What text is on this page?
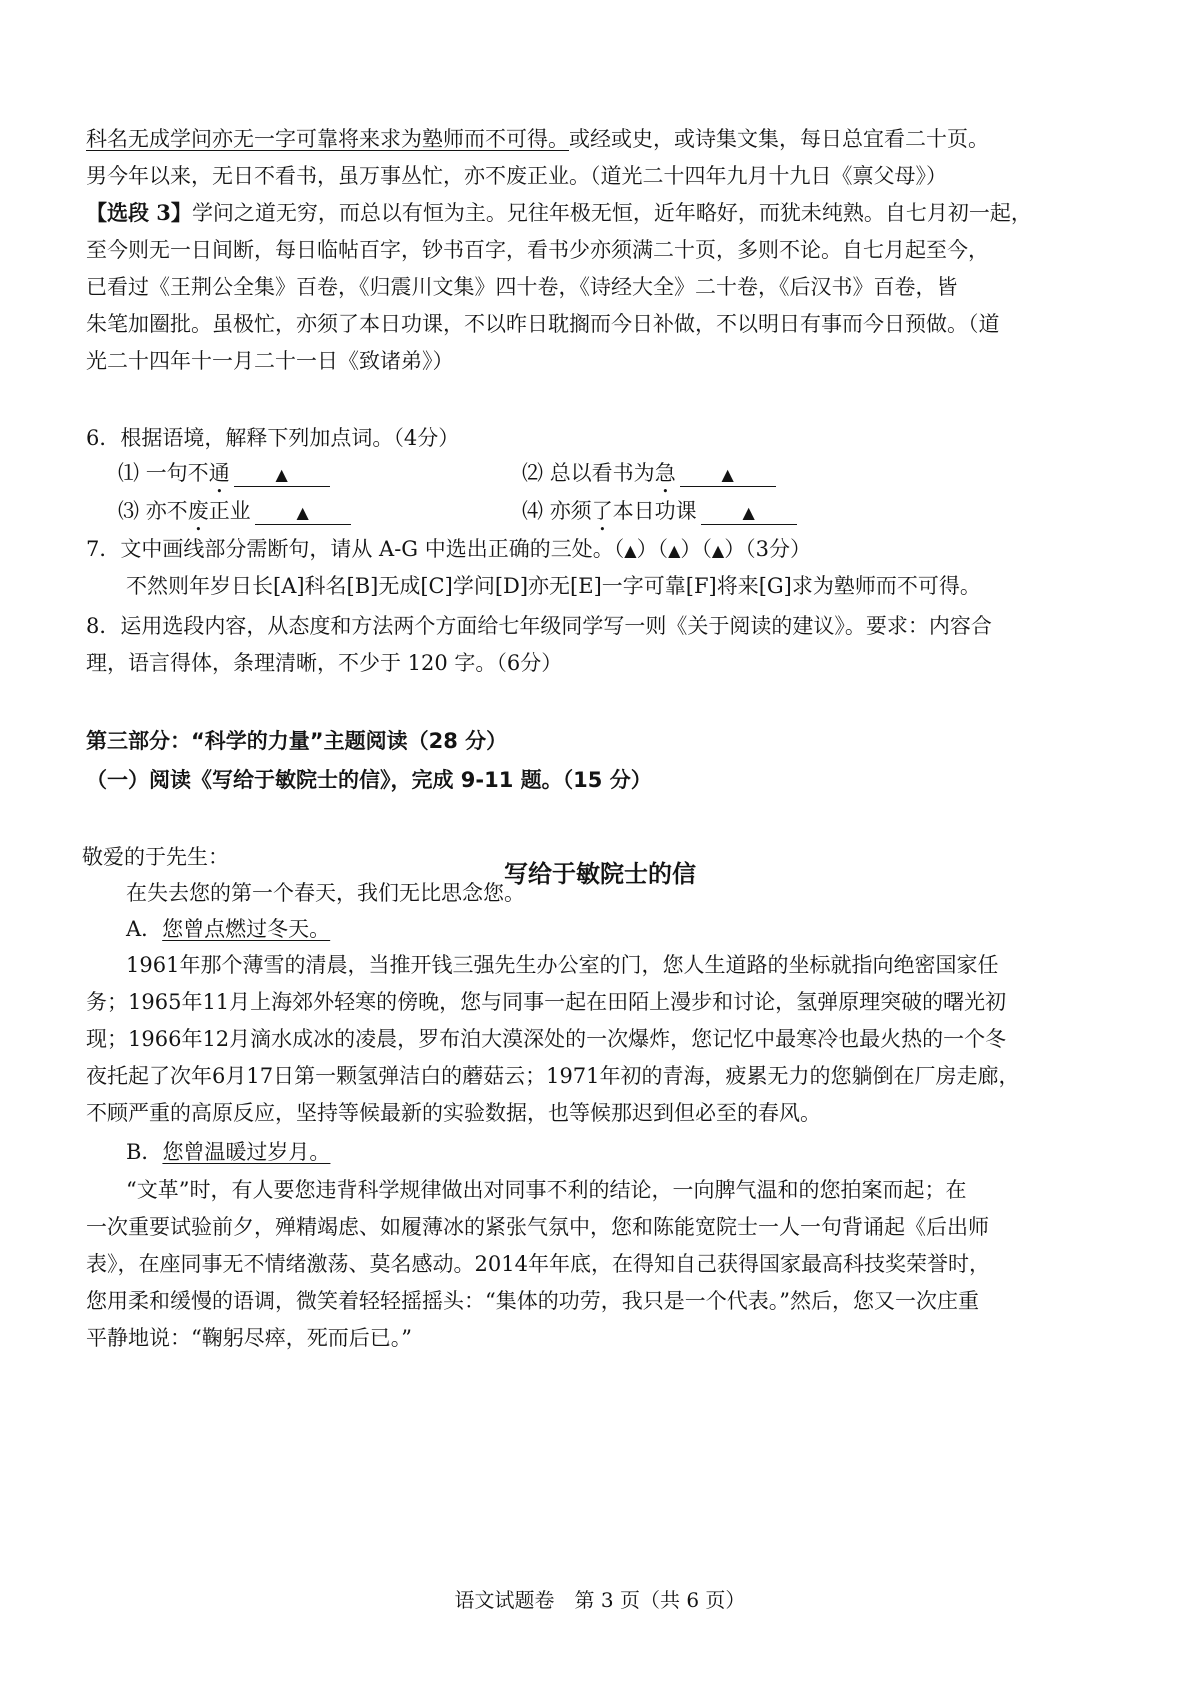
科名无成学问亦无一字可靠将来求为塾师而不可得。或经或史，或诗集文集，每日总宜看二十页。
男今年以来，无日不看书，虽万事丛忙，亦不废正业。（道光二十四年九月十九日《禀父母》）
【选段 3】学问之道无穷，而总以有恒为主。兄往年极无恒，近年略好，而犹未纯熟。自七月初一起，
至今则无一日间断，每日临帖百字，钞书百字，看书少亦须满二十页，多则不论。自七月起至今，
已看过《王荆公全集》百卷，《归震川文集》四十卷，《诗经大全》二十卷，《后汉书》百卷，皆
朱笔加圈批。虽极忙，亦须了本日功课，不以昨日耽搁而今日补做，不以明日有事而今日预做。（道
光二十四年十一月二十一日《致诸弟》）
6．根据语境，解释下列加点词。（4分）
⑴ 一句不通	▲	⑵ 总以看书为急	▲
⑶ 亦不废正业	▲	⑷ 亦须了本日功课	▲
7．文中画线部分需断句，请从 A-G 中选出正确的三处。（▲）（▲）（▲）（3分）
不然则年岁日长[A]科名[B]无成[C]学问[D]亦无[E]一字可靠[F]将来[G]求为塾师而不可得。
8．运用选段内容，从态度和方法两个方面给七年级同学写一则《关于阅读的建议》。要求：内容合
理，语言得体，条理清晰，不少于 120 字。（6分）
第三部分：“科学的力量”主题阅读（28 分）
（一）阅读《写给于敏院士的信》，完成 9-11 题。（15 分）
写给于敏院士的信
敬爱的于先生：
在失去您的第一个春天，我们无比思念您。
A．您曾点燃过冬天。
1961年那个薄雪的清晨，当推开钱三强先生办公室的门，您人生道路的坐标就指向绝密国家任
务；1965年11月上海郊外轻寒的傍晚，您与同事一起在田陌上漫步和讨论，氢弹原理突破的曙光初
现；1966年12月滴水成冰的凌晨，罗布泊大漠深处的一次爆炸，您记忆中最寒冷也最火热的一个冬
夜托起了次年6月17日第一颗氢弹洁白的蘑菇云；1971年初的青海，疲累无力的您躺倒在厂房走廊，
不顾严重的高原反应，坚持等候最新的实验数据，也等候那迟到但必至的春风。
B．您曾温暖过岁月。
“文革”时，有人要您违背科学规律做出对同事不利的结论，一向脾气温和的您拍案而起；在
一次重要试验前夕，殚精竭虑、如履薄冰的紧张气氛中，您和陈能宽院士一人一句背诵起《后出师
表》，在座同事无不情绪激荡、莫名感动。2014年年底，在得知自己获得国家最高科技奖荣誉时，
您用柔和缓慢的语调，微笑着轻轻摇摇头：“集体的功劳，我只是一个代表。”然后，您又一次庄重
平静地说：“鞠躬尽瘁，死而后已。”
语文试题卷　第 3 页（共 6 页）
